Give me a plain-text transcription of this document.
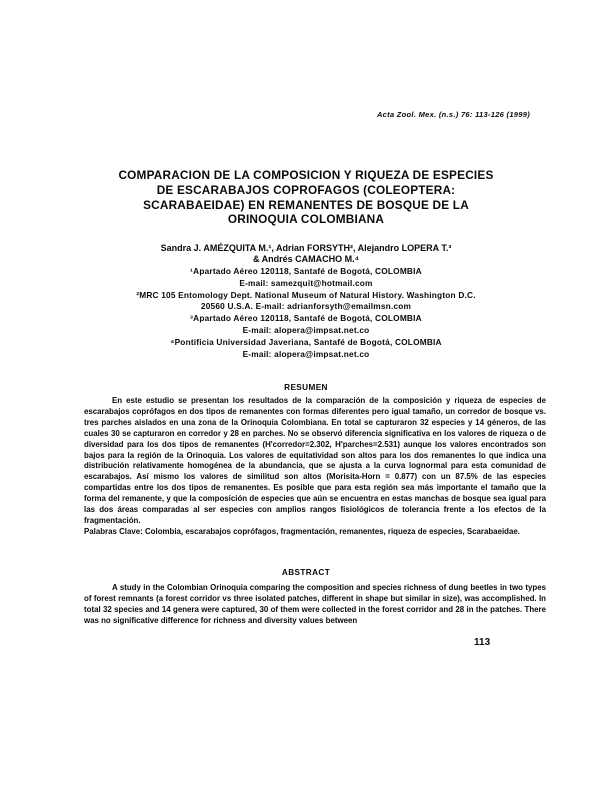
Acta Zool. Mex. (n.s.) 76: 113-126 (1999)
COMPARACION DE LA COMPOSICION Y RIQUEZA DE ESPECIES
DE ESCARABAJOS COPROFAGOS (COLEOPTERA:
SCARABAEIDAE) EN REMANENTES DE BOSQUE DE LA
ORINOQUIA COLOMBIANA
Sandra J. AMÉZQUITA M.¹, Adrian FORSYTH², Alejandro LOPERA T.³
& Andrés CAMACHO M.⁴
¹Apartado Aéreo 120118, Santafé de Bogotá, COLOMBIA
E-mail: samezquit@hotmail.com
²MRC 105 Entomology Dept. National Museum of Natural History. Washington D.C.
20560 U.S.A. E-mail: adrianforsyth@emailmsn.com
³Apartado Aéreo 120118, Santafé de Bogotá, COLOMBIA
E-mail: alopera@impsat.net.co
⁴Pontificia Universidad Javeriana, Santafé de Bogotá, COLOMBIA
E-mail: alopera@impsat.net.co
RESUMEN

En este estudio se presentan los resultados de la comparación de la composición y riqueza de especies de escarabajos coprófagos en dos tipos de remanentes con formas diferentes pero igual tamaño, un corredor de bosque vs. tres parches aislados en una zona de la Orinoquia Colombiana. En total se capturaron 32 especies y 14 géneros, de las cuales 30 se capturaron en corredor y 28 en parches. No se observó diferencia significativa en los valores de riqueza o de diversidad para los dos tipos de remanentes (H'corredor=2.302, H'parches=2.531) aunque los valores encontrados son bajos para la región de la Orinoquia. Los valores de equitatividad son altos para los dos remanentes lo que indica una distribución relativamente homogénea de la abundancia, que se ajusta a la curva lognormal para esta comunidad de escarabajos. Así mismo los valores de similitud son altos (Morisita-Horn = 0.877) con un 87.5% de las especies compartidas entre los dos tipos de remanentes. Es posible que para esta región sea más importante el tamaño que la forma del remanente, y que la composición de especies que aún se encuentra en estas manchas de bosque sea igual para las dos áreas comparadas al ser especies con amplios rangos fisiológicos de tolerancia frente a los efectos de la fragmentación.

Palabras Clave: Colombia, escarabajos coprófagos, fragmentación, remanentes, riqueza de especies, Scarabaeidae.

ABSTRACT

A study in the Colombian Orinoquia comparing the composition and species richness of dung beetles in two types of forest remnants (a forest corridor vs three isolated patches, different in shape but similar in size), was accomplished. In total 32 species and 14 genera were captured, 30 of them were collected in the forest corridor and 28 in the patches. There was no significative difference for richness and diversity values between

113
